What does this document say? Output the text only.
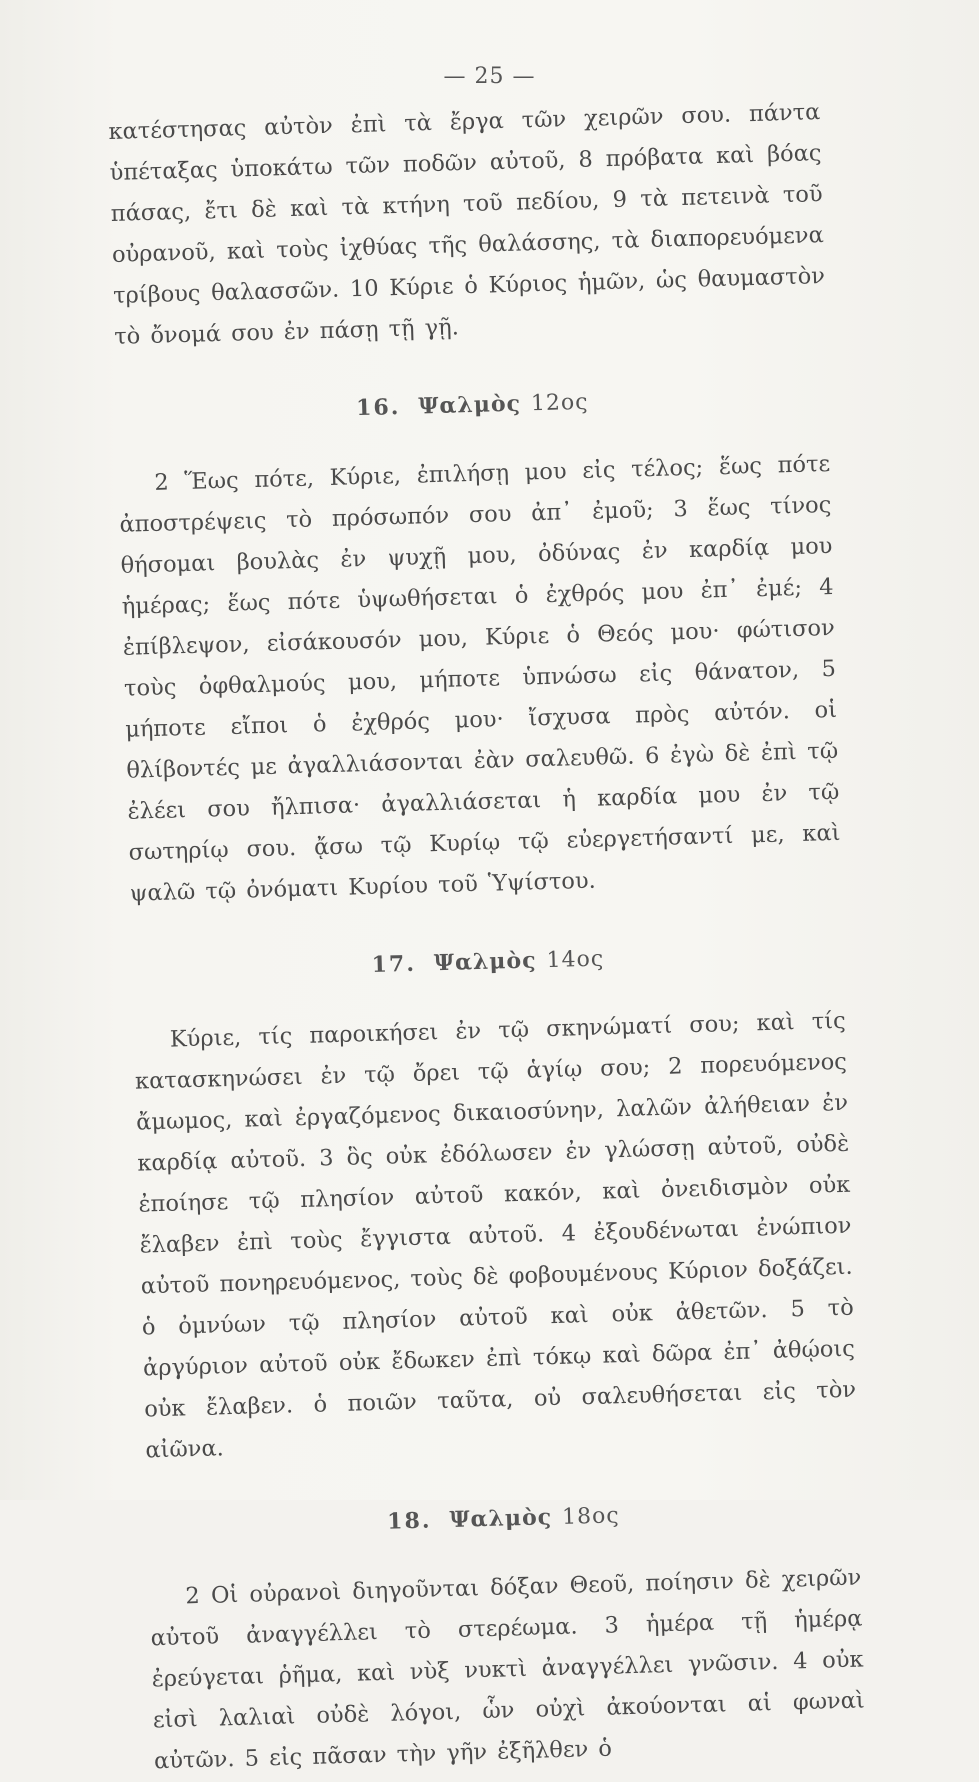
— 25 —

κατέστησας αὐτὸν ἐπὶ τὰ ἔργα τῶν χειρῶν σου. πάντα ὑπέταξας ὑποκάτω τῶν ποδῶν αὐτοῦ, 8 πρόβατα καὶ βόας πάσας, ἔτι δὲ καὶ τὰ κτήνη τοῦ πεδίου, 9 τὰ πετεινὰ τοῦ οὐρανοῦ, καὶ τοὺς ἰχθύας τῆς θαλάσσης, τὰ διαπορευόμενα τρίβους θαλασσῶν. 10 Κύριε ὁ Κύριος ἡμῶν, ὡς θαυμαστὸν τὸ ὄνομά σου ἐν πάσῃ τῇ γῇ.

16. Ψαλμὸς 12ος

2 Ἕως πότε, Κύριε, ἐπιλήσῃ μου εἰς τέλος; ἕως πότε ἀποστρέψεις τὸ πρόσωπόν σου ἀπ᾽ ἐμοῦ; 3 ἕως τίνος θήσομαι βουλὰς ἐν ψυχῇ μου, ὀδύνας ἐν καρδίᾳ μου ἡμέρας; ἕως πότε ὑψωθήσεται ὁ ἐχθρός μου ἐπ᾽ ἐμέ; 4 ἐπίβλεψον, εἰσάκουσόν μου, Κύριε ὁ Θεός μου· φώτισον τοὺς ὀφθαλμούς μου, μήποτε ὑπνώσω εἰς θάνατον, 5 μήποτε εἴποι ὁ ἐχθρός μου· ἴσχυσα πρὸς αὐτόν. οἱ θλίβοντές με ἀγαλλιάσονται ἐὰν σαλευθῶ. 6 ἐγὼ δὲ ἐπὶ τῷ ἐλέει σου ἤλπισα· ἀγαλλιάσεται ἡ καρδία μου ἐν τῷ σωτηρίῳ σου. ᾄσω τῷ Κυρίῳ τῷ εὐεργετήσαντί με, καὶ ψαλῶ τῷ ὀνόματι Κυρίου τοῦ Ὑψίστου.

17. Ψαλμὸς 14ος

Κύριε, τίς παροικήσει ἐν τῷ σκηνώματί σου; καὶ τίς κατασκηνώσει ἐν τῷ ὄρει τῷ ἁγίῳ σου; 2 πορευόμενος ἄμωμος, καὶ ἐργαζόμενος δικαιοσύνην, λαλῶν ἀλήθειαν ἐν καρδίᾳ αὐτοῦ. 3 ὃς οὐκ ἐδόλωσεν ἐν γλώσσῃ αὐτοῦ, οὐδὲ ἐποίησε τῷ πλησίον αὐτοῦ κακόν, καὶ ὀνειδισμὸν οὐκ ἔλαβεν ἐπὶ τοὺς ἔγγιστα αὐτοῦ. 4 ἐξουδένωται ἐνώπιον αὐτοῦ πονηρευόμενος, τοὺς δὲ φοβουμένους Κύριον δοξάζει. ὁ ὀμνύων τῷ πλησίον αὐτοῦ καὶ οὐκ ἀθετῶν. 5 τὸ ἀργύριον αὐτοῦ οὐκ ἔδωκεν ἐπὶ τόκῳ καὶ δῶρα ἐπ᾽ ἀθῴοις οὐκ ἔλαβεν. ὁ ποιῶν ταῦτα, οὐ σαλευθήσεται εἰς τὸν αἰῶνα.

18. Ψαλμὸς 18ος

2 Οἱ οὐρανοὶ διηγοῦνται δόξαν Θεοῦ, ποίησιν δὲ χειρῶν αὐτοῦ ἀναγγέλλει τὸ στερέωμα. 3 ἡμέρα τῇ ἡμέρᾳ ἐρεύγεται ῥῆμα, καὶ νὺξ νυκτὶ ἀναγγέλλει γνῶσιν. 4 οὐκ εἰσὶ λαλιαὶ οὐδὲ λόγοι, ὧν οὐχὶ ἀκούονται αἱ φωναὶ αὐτῶν. 5 εἰς πᾶσαν τὴν γῆν ἐξῆλθεν ὁ
